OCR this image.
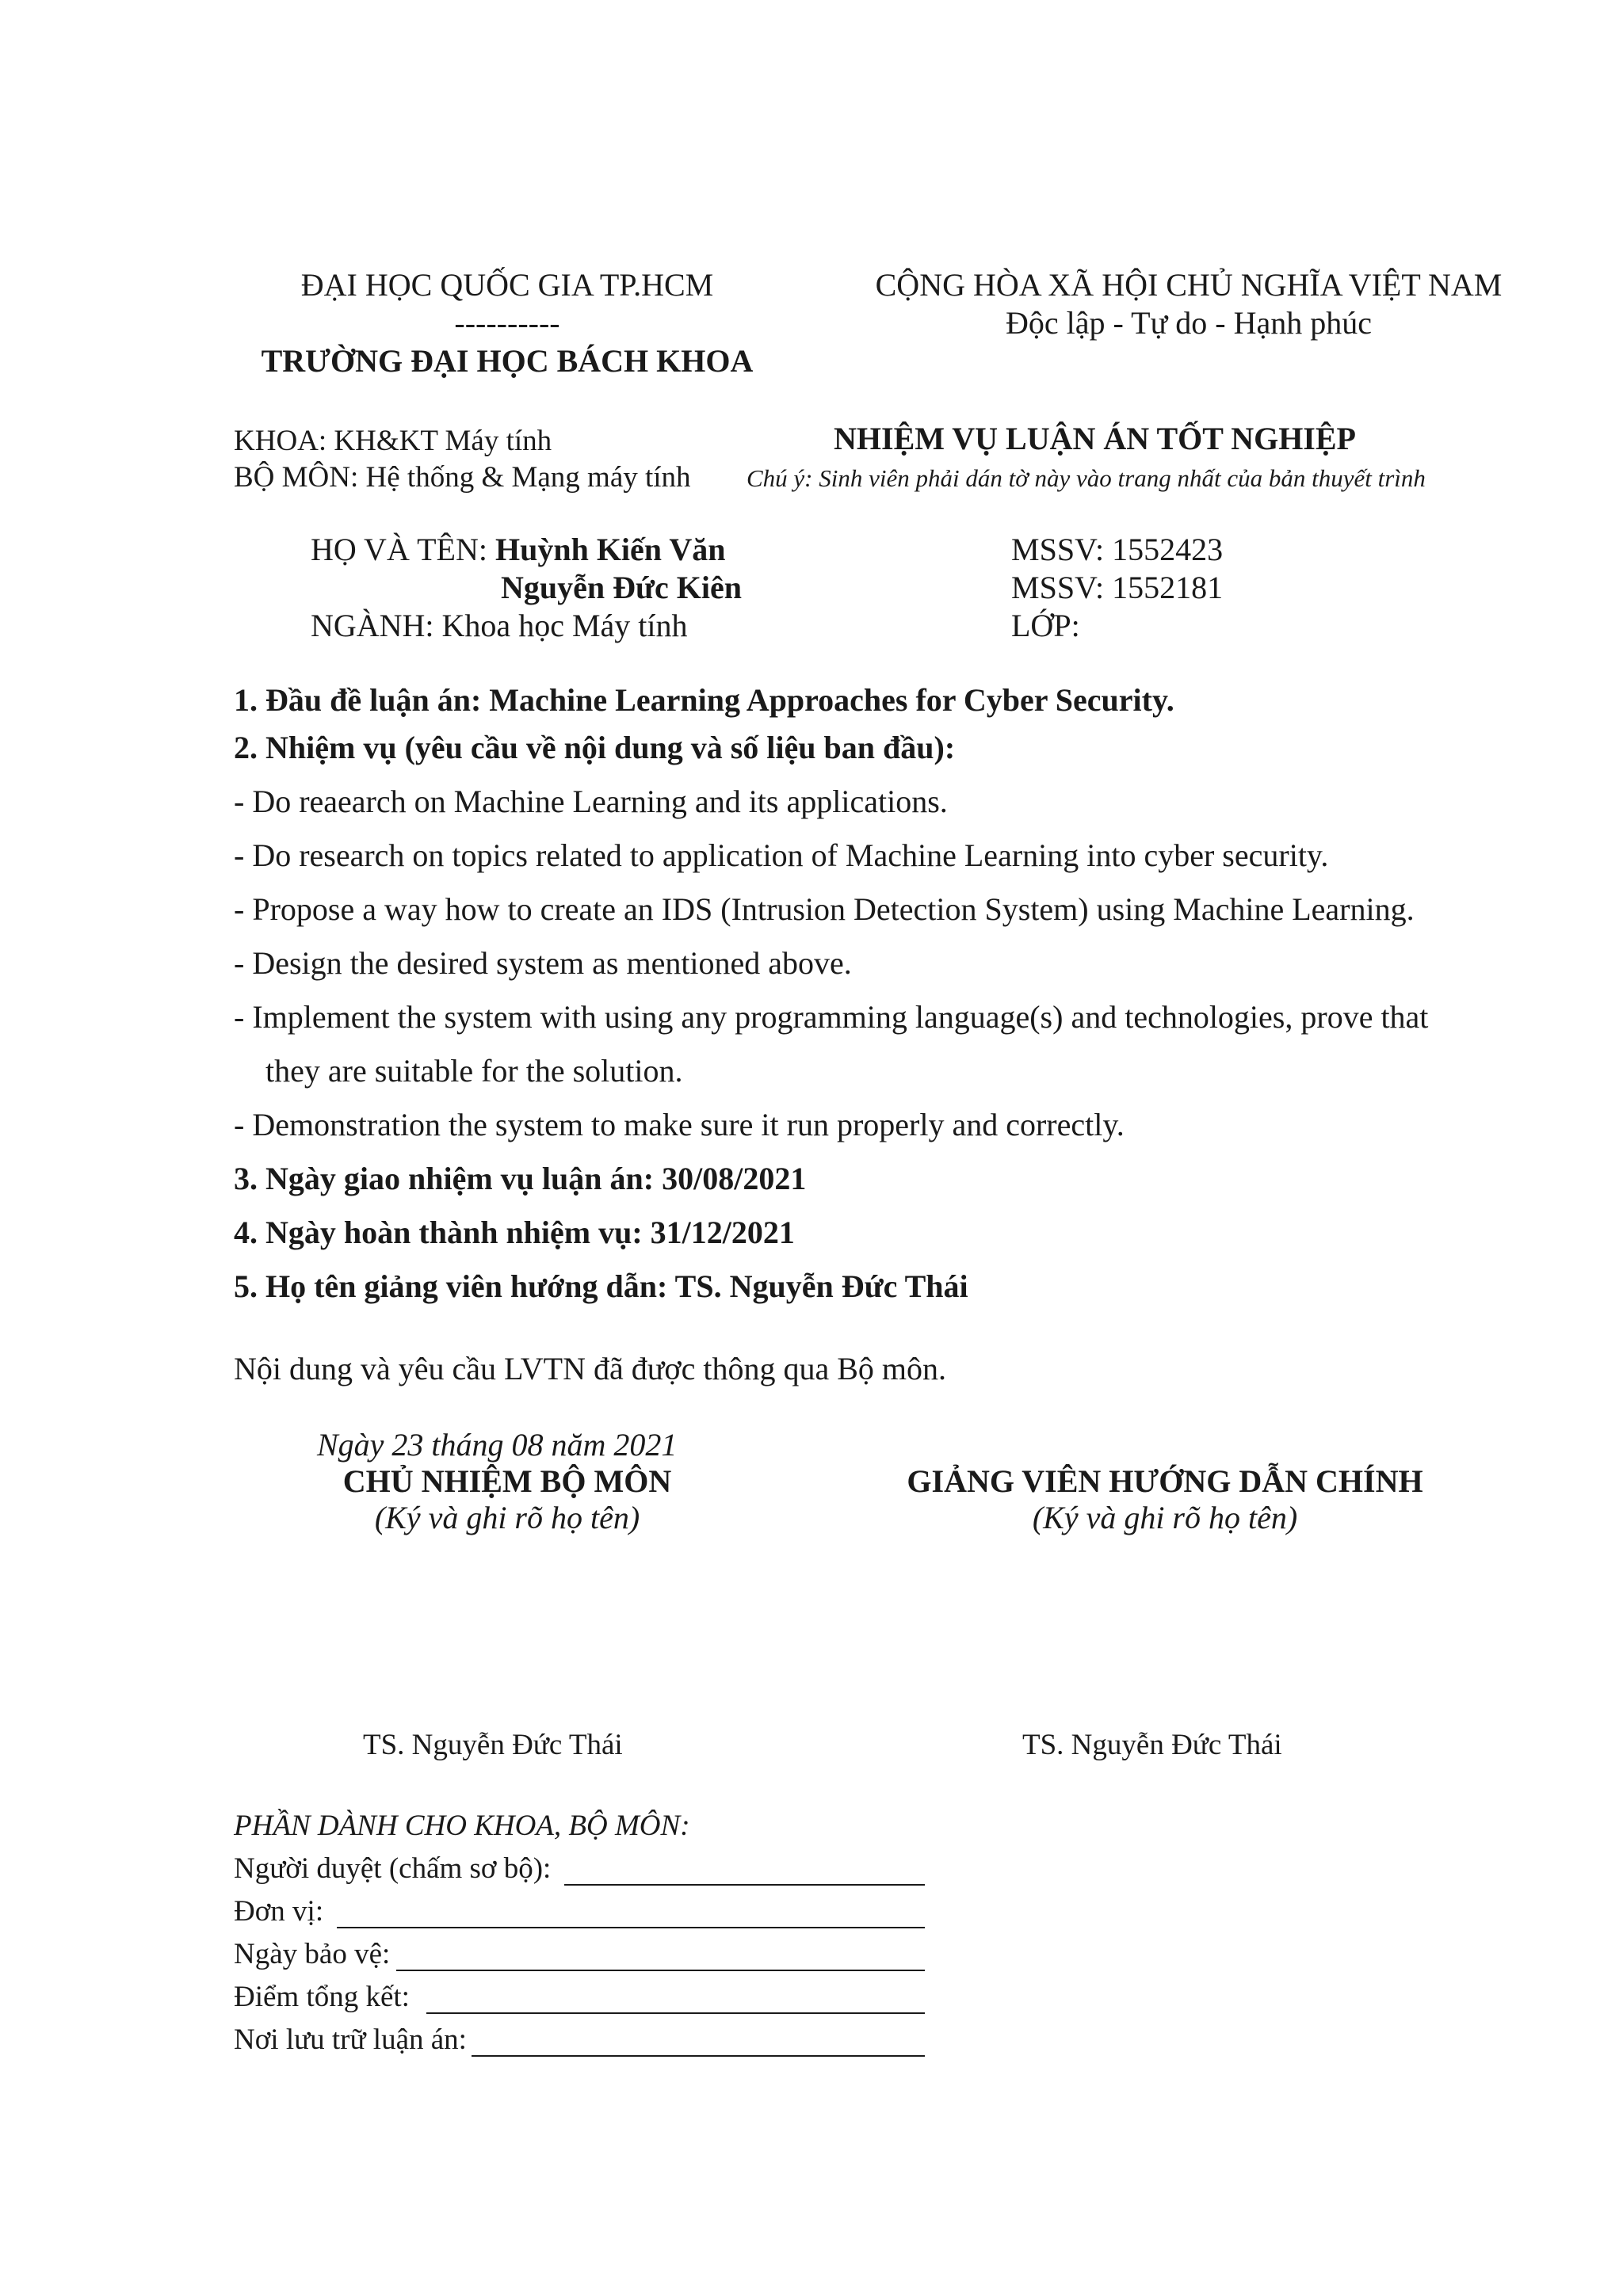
ĐẠI HỌC QUỐC GIA TP.HCM
----------
TRƯỜNG ĐẠI HỌC BÁCH KHOA
CỘNG HÒA XÃ HỘI CHỦ NGHĨA VIỆT NAM
Độc lập - Tự do - Hạnh phúc
KHOA: KH&KT Máy tính
BỘ MÔN: Hệ thống & Mạng máy tính
NHIỆM VỤ LUẬN ÁN TỐT NGHIỆP
Chú ý: Sinh viên phải dán tờ này vào trang nhất của bản thuyết trình
HỌ VÀ TÊN: Huỳnh Kiến Văn
Nguyễn Đức Kiên
NGÀNH: Khoa học Máy tính
MSSV: 1552423
MSSV: 1552181
LỚP:
1. Đầu đề luận án: Machine Learning Approaches for Cyber Security.
2. Nhiệm vụ (yêu cầu về nội dung và số liệu ban đầu):
- Do reaearch on Machine Learning and its applications.
- Do research on topics related to application of Machine Learning into cyber security.
- Propose a way how to create an IDS (Intrusion Detection System) using Machine Learning.
- Design the desired system as mentioned above.
- Implement the system with using any programming language(s) and technologies, prove that
they are suitable for the solution.
- Demonstration the system to make sure it run properly and correctly.
3. Ngày giao nhiệm vụ luận án: 30/08/2021
4. Ngày hoàn thành nhiệm vụ: 31/12/2021
5. Họ tên giảng viên hướng dẫn: TS. Nguyễn Đức Thái
Nội dung và yêu cầu LVTN đã được thông qua Bộ môn.
Ngày 23 tháng 08 năm 2021
CHỦ NHIỆM BỘ MÔN
(Ký và ghi rõ họ tên)
GIẢNG VIÊN HƯỚNG DẪN CHÍNH
(Ký và ghi rõ họ tên)
TS. Nguyễn Đức Thái	TS. Nguyễn Đức Thái
PHẦN DÀNH CHO KHOA, BỘ MÔN:
Người duyệt (chấm sơ bộ):
Đơn vị:
Ngày bảo vệ:
Điểm tổng kết:
Nơi lưu trữ luận án:
